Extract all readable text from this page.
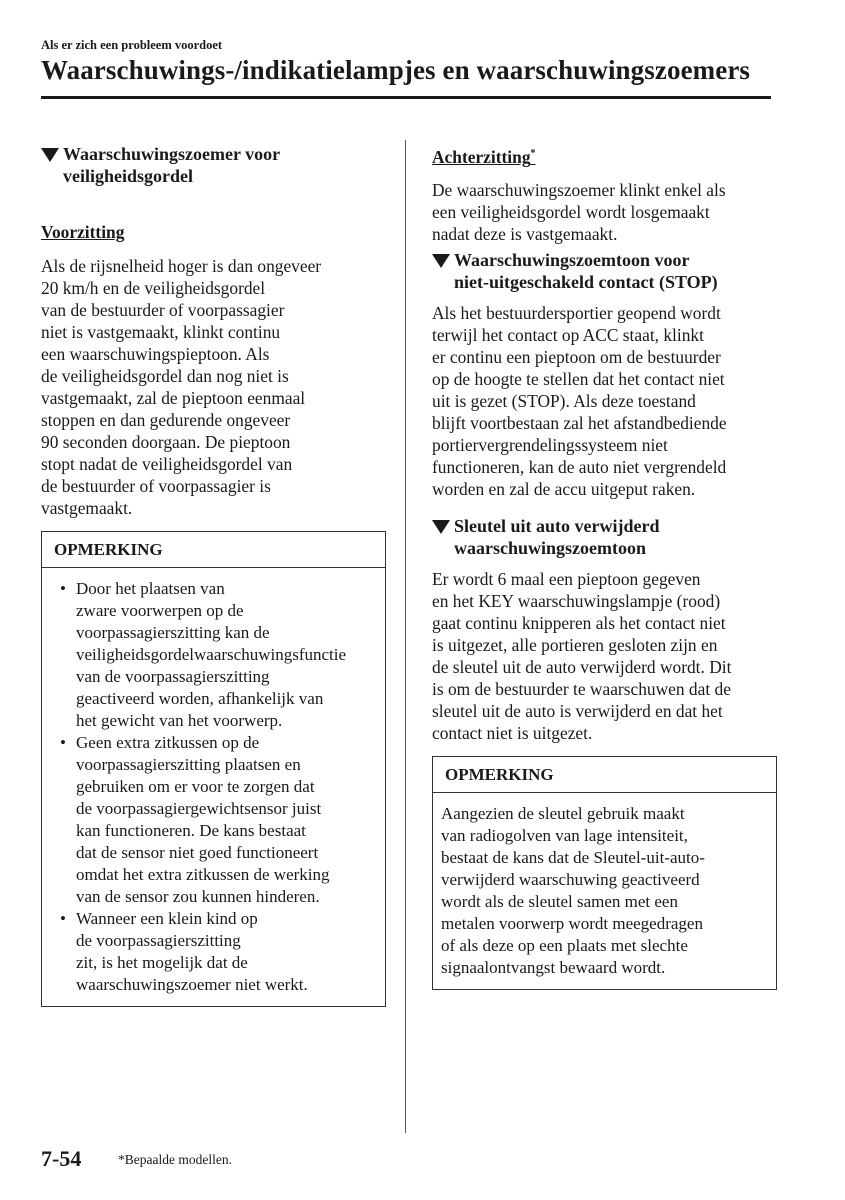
Als er zich een probleem voordoet
Waarschuwings-/indikatielampjes en waarschuwingszoemers
Waarschuwingszoemer voor
veiligheidsgordel
Voorzitting

Als de rijsnelheid hoger is dan ongeveer
20 km/h en de veiligheidsgordel
van de bestuurder of voorpassagier
niet is vastgemaakt, klinkt continu
een waarschuwingspieptoon. Als
de veiligheidsgordel dan nog niet is
vastgemaakt, zal de pieptoon eenmaal
stoppen en dan gedurende ongeveer
90 seconden doorgaan. De pieptoon
stopt nadat de veiligheidsgordel van
de bestuurder of voorpassagier is
vastgemaakt.

OPMERKING
• Door het plaatsen van
zware voorwerpen op de
voorpassagierszitting kan de
veiligheidsgordelwaarschuwingsfunctie
van de voorpassagierszitting
geactiveerd worden, afhankelijk van
het gewicht van het voorwerp.
• Geen extra zitkussen op de
voorpassagierszitting plaatsen en
gebruiken om er voor te zorgen dat
de voorpassagiergewichtsensor juist
kan functioneren. De kans bestaat
dat de sensor niet goed functioneert
omdat het extra zitkussen de werking
van de sensor zou kunnen hinderen.
• Wanneer een klein kind op
de voorpassagierszitting
zit, is het mogelijk dat de
waarschuwingszoemer niet werkt.
Achterzitting*

De waarschuwingszoemer klinkt enkel als
een veiligheidsgordel wordt losgemaakt
nadat deze is vastgemaakt.

Waarschuwingszoemtoon voor
niet-uitgeschakeld contact (STOP)

Als het bestuurdersportier geopend wordt
terwijl het contact op ACC staat, klinkt
er continu een pieptoon om de bestuurder
op de hoogte te stellen dat het contact niet
uit is gezet (STOP). Als deze toestand
blijft voortbestaan zal het afstandbediende
portiervergrendelingssysteem niet
functioneren, kan de auto niet vergrendeld
worden en zal de accu uitgeput raken.

Sleutel uit auto verwijderd
waarschuwingszoemtoon

Er wordt 6 maal een pieptoon gegeven
en het KEY waarschuwingslampje (rood)
gaat continu knipperen als het contact niet
is uitgezet, alle portieren gesloten zijn en
de sleutel uit de auto verwijderd wordt. Dit
is om de bestuurder te waarschuwen dat de
sleutel uit de auto is verwijderd en dat het
contact niet is uitgezet.

OPMERKING
Aangezien de sleutel gebruik maakt
van radiogolven van lage intensiteit,
bestaat de kans dat de Sleutel-uit-auto-
verwijderd waarschuwing geactiveerd
wordt als de sleutel samen met een
metalen voorwerp wordt meegedragen
of als deze op een plaats met slechte
signaalontvangst bewaard wordt.
7-54	*Bepaalde modellen.
